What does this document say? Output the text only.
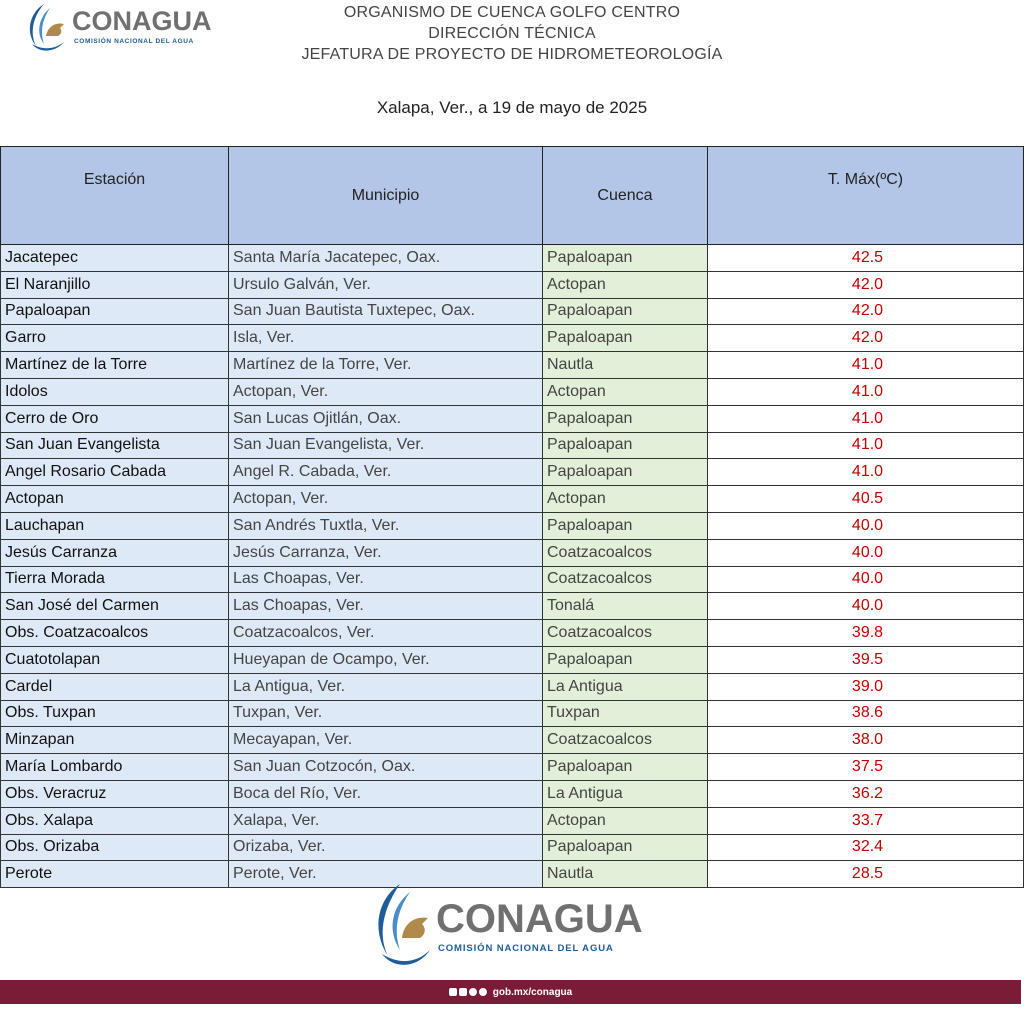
CONAGUA
COMISIÓN NACIONAL DEL AGUA
ORGANISMO DE CUENCA GOLFO CENTRO
DIRECCIÓN TÉCNICA
JEFATURA DE PROYECTO DE HIDROMETEOROLOGÍA
Xalapa, Ver., a 19 de mayo de 2025
Estación	Municipio	Cuenca	T. Máx(ºC)
Jacatepec	Santa María Jacatepec, Oax.	Papaloapan	42.5
El Naranjillo	Ursulo Galván, Ver.	Actopan	42.0
Papaloapan	San Juan Bautista Tuxtepec, Oax.	Papaloapan	42.0
Garro	Isla, Ver.	Papaloapan	42.0
Martínez de la Torre	Martínez de la Torre, Ver.	Nautla	41.0
Idolos	Actopan, Ver.	Actopan	41.0
Cerro de Oro	San Lucas Ojitlán, Oax.	Papaloapan	41.0
San Juan Evangelista	San Juan Evangelista, Ver.	Papaloapan	41.0
Angel Rosario Cabada	Angel R. Cabada, Ver.	Papaloapan	41.0
Actopan	Actopan, Ver.	Actopan	40.5
Lauchapan	San Andrés Tuxtla, Ver.	Papaloapan	40.0
Jesús Carranza	Jesús Carranza, Ver.	Coatzacoalcos	40.0
Tierra Morada	Las Choapas, Ver.	Coatzacoalcos	40.0
San José del Carmen	Las Choapas, Ver.	Tonalá	40.0
Obs. Coatzacoalcos	Coatzacoalcos, Ver.	Coatzacoalcos	39.8
Cuatotolapan	Hueyapan de Ocampo, Ver.	Papaloapan	39.5
Cardel	La Antigua, Ver.	La Antigua	39.0
Obs. Tuxpan	Tuxpan, Ver.	Tuxpan	38.6
Minzapan	Mecayapan, Ver.	Coatzacoalcos	38.0
María Lombardo	San Juan Cotzocón, Oax.	Papaloapan	37.5
Obs. Veracruz	Boca del Río, Ver.	La Antigua	36.2
Obs. Xalapa	Xalapa, Ver.	Actopan	33.7
Obs. Orizaba	Orizaba, Ver.	Papaloapan	32.4
Perote	Perote, Ver.	Nautla	28.5
CONAGUA
COMISIÓN NACIONAL DEL AGUA
gob.mx/conagua
